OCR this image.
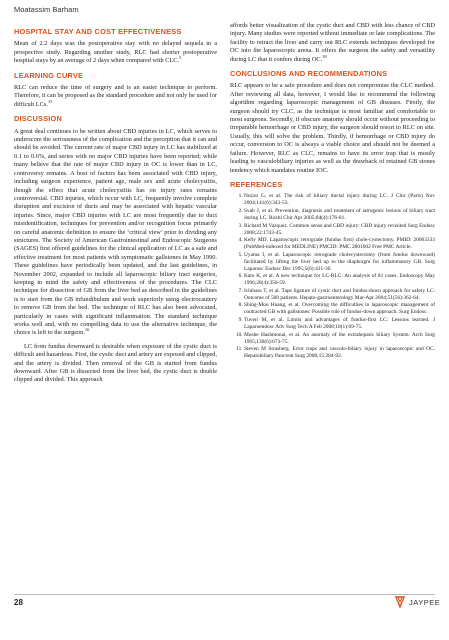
Moatassim Barham
HOSPITAL STAY AND COST EFFECTIVENESS

Mean of 2.2 days was the postoperative stay with no delayed sequela in a prospective study. Regarding another study, RLC had shorter postoperative hospital stays by an average of 2 days when compared with CLC.$^5$

LEARNING CURVE

RLC can reduce the time of surgery and is an easier technique to perform. Therefore, it can be proposed as the standard procedure and not only be used for difficult LCs.$^{15}$

DISCUSSION

A great deal continues to be written about CBD injuries in LC, which serves to underscore the seriousness of the complication and the perception that it can and should be avoided. The current rate of major CBD injury in LC has stabilized at 0.1 to 0.6%, and series with no major CBD injuries have been reported; while many believe that the rate of major CBD injury in OC is lower than in LC, controversy remains. A host of factors has been associated with CBD injury, including surgeon experience, patient age, male sex and acute cholecystitis, though the effect that acute cholecystitis has on injury rates remains controversial. CBD injuries, which occur with LC, frequently involve complete disruption and excision of ducts and may be associated with hepatic vascular injuries. Since, major CBD injuries with LC are most frequently due to duct misidentification, techniques for prevention and/or recognition focus primarily on careful anatomic definition to ensure the ‘critical view’ prior to dividing any structures. The Society of American Gastrointestinal and Endoscopic Surgeons (SAGES) first offered guidelines for the clinical application of LC as a safe and effective treatment for most patients with symptomatic gallstones in May 1990. These guidelines have periodically been updated, and the last guidelines, in November 2002, expanded to include all laparoscopic biliary tract surgeries, keeping in mind the safety and effectiveness of the procedures. The CLC technique for dissection of GB from the liver bed as described in the guidelines is to start from the GB infundibulum and work superiorly using electrocautery to remove GB from the bed. The technique of RLC has also been advocated, particularly in cases with significant inflammation. The standard technique works well and, with no compelling data to use the alternative technique, the choice is left to the surgeon.$^{16}$

LC from fundus downward is desirable when exposure of the cystic duct is difficult and hazardous. First, the cystic duct and artery are exposed and clipped, and the artery is divided. Then removal of the GB is started from fundus downward. After GB is dissected from the liver bed, the cystic duct is double clipped and divided. This approach

affords better visualization of the cystic duct and CBD with less chance of CBD injury. Many studies were reported without immediate or late complications. The facility to retract the liver and carry out RLC extends techniques developed for OC into the laparoscopic arena. It offers the surgeon the safety and versatility during LC that it confers during OC.$^{18}$

CONCLUSIONS AND RECOMMENDATIONS

RLC appears to be a safe procedure and does not compromise the CLC method. After reviewing all data, however, I would like to recommend the following algorithm regarding laparoscopic management of GB diseases. Firstly, the surgeon should try CLC, as the technique is most familiar and comfortable to most surgeons. Secondly, if obscure anatomy should occur without proceeding to irreparable hemorrhage or CBD injury, the surgeon should resort to RLC on site. Usually, this will solve the problem. Thirdly, if hemorrhage or CBD injury do occur, conversion to OC is always a viable choice and should not be deemed a failure. However, RLC as CLC, remains to have its error trap that is mostly leading to vasculobiliary injuries as well as the drawback of retained GB stones tendency which mandates routine IOC.

REFERENCES
1. Nuzzo G, et al. The risk of biliary ductal injury during LC. J Chir (Paris) Nov 2004;141(6):343-53.
2. Svab J, et al. Prevention, diagnosis and treatment of iatrogenic lesions of biliary tract during LC. Rozhl Chir Apr 2005;84(4):176-81.
3. Richard M Vazquez. Common sense and CBD injury: CBD injury revisited Surg Endosc 2008;22:1743-45.
4. Kelly MD. Laparoscopic retrograde (fundus first) chole-cystectomy. PMID: 20003333 (PubMed-indexed for MEDLINE) PMCID: PMC 2801602 Free PMC Article.
5. Uyama I, et al. Laparoscopic retrograde cholecystectomy (from fundus downward) facilitated by lifting the liver bed up to the diaphragm for inflammatory GB. Surg Laparosc Endosc Dec 1995;5(6):431-36.
6. Kato K, et al. A new technique for LC-RLC: An analysis of 81 cases. Endoscopy May 1996;28(4):356-59.
7. Ichihara T, et al. Tape ligature of cystic duct and fundus-down approach for safety LC: Outcome of 500 patients. Hepato-gastroenterology Mar-Apr 2004;51(56):362-64.
8. Shing-Moo Huang, et al. Overcoming the difficulties in laparoscopic management of contracted GB with gallstones: Possible role of fundus-down approach. Surg Endosc.
9. Tuveri M, et al. Limits and advantages of fundus-first LC: Lessons learned. J Laparoendosc Adv Surg Tech A Feb 2008;18(1):69-75.
10. Moshe Hashmonai, et al. An anomaly of the extrahepatic biliary System. Arch Surg 1995;130(6):673-75.
11. Steven M Strasberg. Error traps and vasculo-biliary injury in laparoscopic and OC. Hepatobiliary Pancreat Surg 2008;15:284-92.
28	JAYPEE
